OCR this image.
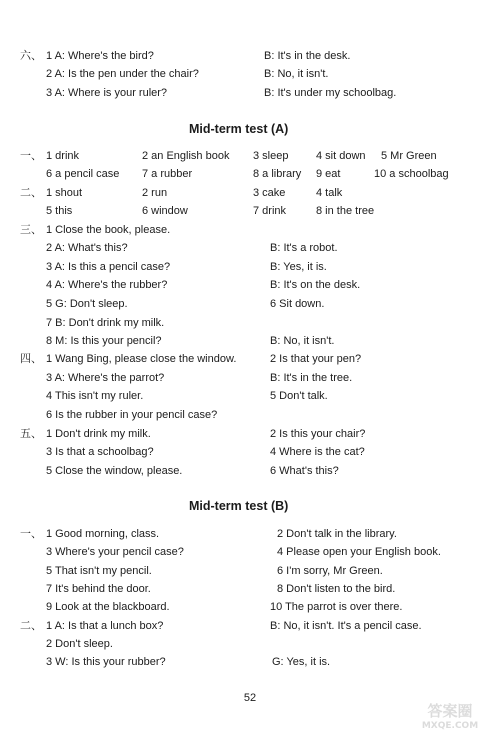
六、 1 A: Where's the bird?	B: It's in the desk.
2 A: Is the pen under the chair?	B: No, it isn't.
3 A: Where is your ruler?	B: It's under my schoolbag.
Mid-term test (A)
一、 1 drink	2 an English book 3 sleep	4 sit down 5 Mr Green
6 a pencil case 7 a rubber	8 a library 9 eat	10 a schoolbag
二、 1 shout	2 run	3 cake	4 talk
5 this	6 window	7 drink	8 in the tree
三、 1 Close the book, please.
2 A: What's this?	B: It's a robot.
3 A: Is this a pencil case?	B: Yes, it is.
4 A: Where's the rubber?	B: It's on the desk.
5 G: Don't sleep.	6 Sit down.
7 B: Don't drink my milk.
8 M: Is this your pencil?	B: No, it isn't.
四、 1 Wang Bing, please close the window.	2 Is that your pen?
3 A: Where's the parrot?	B: It's in the tree.
4 This isn't my ruler.	5 Don't talk.
6 Is the rubber in your pencil case?
五、 1 Don't drink my milk.	2 Is this your chair?
3 Is that a schoolbag?	4 Where is the cat?
5 Close the window, please.	6 What's this?
Mid-term test (B)
一、 1 Good morning, class.	2 Don't talk in the library.
3 Where's your pencil case?	4 Please open your English book.
5 That isn't my pencil.	6 I'm sorry, Mr Green.
7 It's behind the door.	8 Don't listen to the bird.
9 Look at the blackboard.	10 The parrot is over there.
二、 1 A: Is that a lunch box?	B: No, it isn't. It's a pencil case.
2 Don't sleep.
3 W: Is this your rubber?	G: Yes, it is.
52
答案圈
MXQE.COM
